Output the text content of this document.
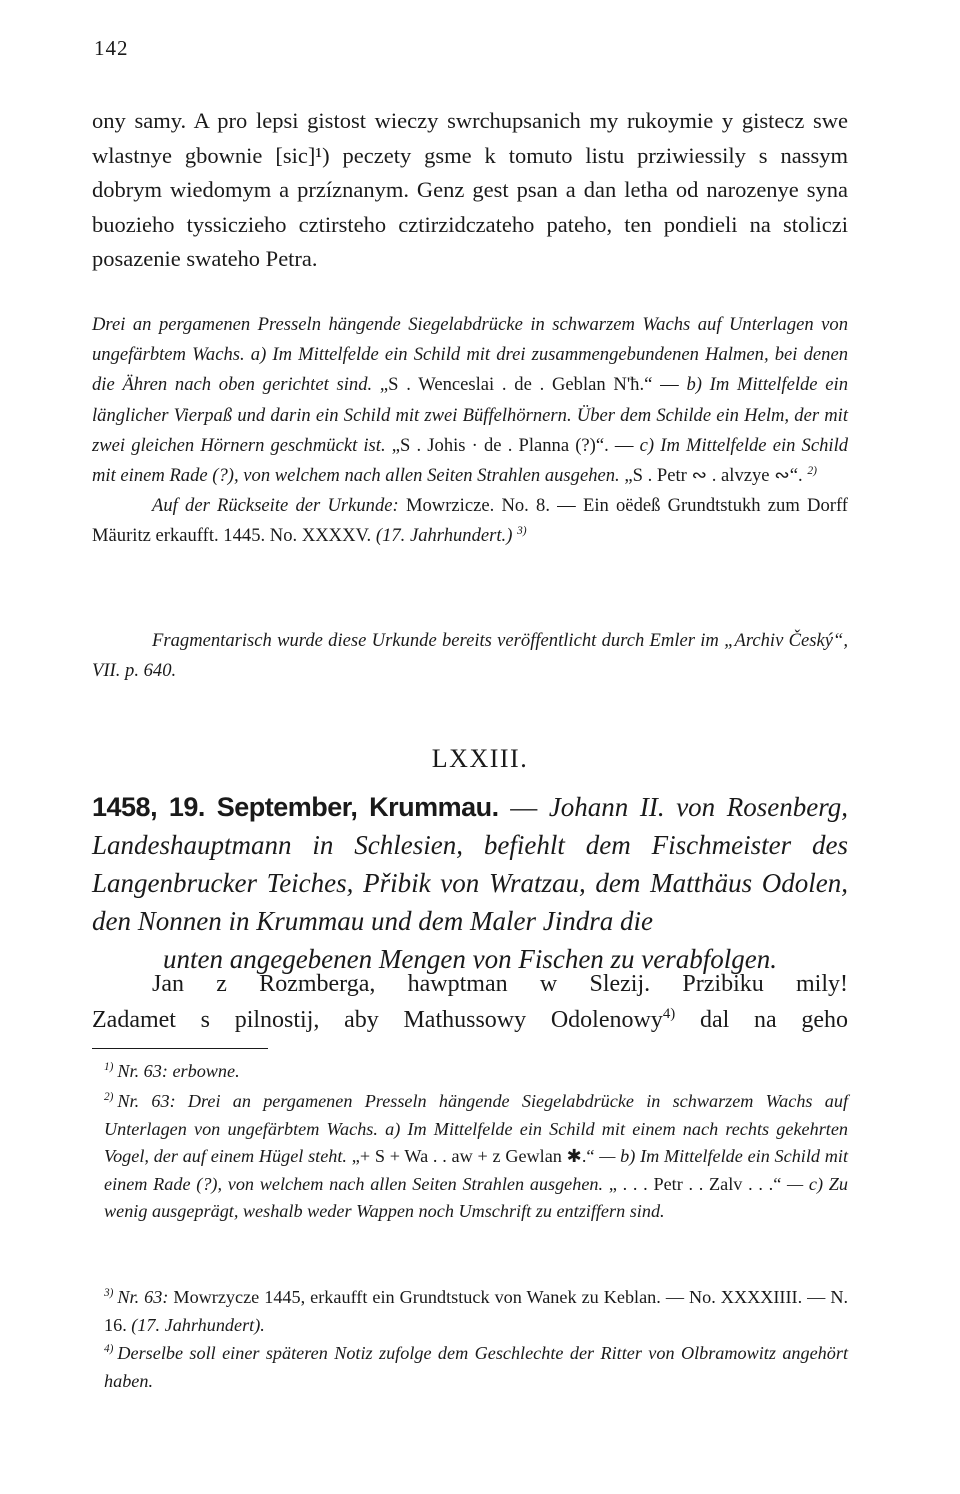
142
ony samy. A pro lepsi gistost wieczy swrchupsanich my rukoymie y gistecz swe wlastnye gbownie [sic]¹) peczety gsme k tomuto listu prziwiessily s nassym dobrym wiedomym a przíznanym. Genz gest psan a dan letha od narozenye syna buozieho tyssiczieho cztirsteho cztirzidczateho pateho, ten pondieli na stoliczi posazenie swateho Petra.
Drei an pergamenen Presseln hängende Siegelabdrücke in schwarzem Wachs auf Unterlagen von ungefärbtem Wachs. a) Im Mittelfelde ein Schild mit drei zusammengebundenen Halmen, bei denen die Ähren nach oben gerichtet sind. „S . Wenceslai . de . Geblan N'ħ.“ — b) Im Mittelfelde ein länglicher Vierpaß und darin ein Schild mit zwei Büffelhörnern. Über dem Schilde ein Helm, der mit zwei gleichen Hörnern geschmückt ist. „S . Johis · de . Planna (?)“. — c) Im Mittelfelde ein Schild mit einem Rade (?), von welchem nach allen Seiten Strahlen ausgehen. „S . Petr ∾ . alvzye ∾“. $^{2)}$
Auf der Rückseite der Urkunde: Mowrzicze. No. 8. — Ein oëdeß Grundtstukh zum Dorff Mäuritz erkaufft. 1445. No. XXXXV. (17. Jahrhundert.) $^{3)}$
Fragmentarisch wurde diese Urkunde bereits veröffentlicht durch Emler im „Archiv Český“, VII. p. 640.
LXXIII.
1458, 19. September, Krummau. — Johann II. von Rosenberg, Landeshauptmann in Schlesien, befiehlt dem Fischmeister des Langenbrucker Teiches, Přibik von Wratzau, dem Matthäus Odolen, den Nonnen in Krummau und dem Maler Jindra die
unten angegebenen Mengen von Fischen zu verabfolgen.
Jan z Rozmberga, hawptman w Slezij. Przibiku mily!
Zadamet s pilnostij, aby Mathussowy Odolenowy$^{4)}$ dal na geho
$^{1)}$ Nr. 63: erbowne.
$^{2)}$ Nr. 63: Drei an pergamenen Presseln hängende Siegelabdrücke in schwarzem Wachs auf Unterlagen von ungefärbtem Wachs. a) Im Mittelfelde ein Schild mit einem nach rechts gekehrten Vogel, der auf einem Hügel steht. „+ S + Wa . . aw + z Gewlan ✱.“ — b) Im Mittelfelde ein Schild mit einem Rade (?), von welchem nach allen Seiten Strahlen ausgehen. „ . . . Petr . . Zalv . . .“ — c) Zu wenig ausgeprägt, weshalb weder Wappen noch Umschrift zu entziffern sind.
$^{3)}$ Nr. 63: Mowrzycze 1445, erkaufft ein Grundtstuck von Wanek zu Keblan. — No. XXXXIIII. — N. 16. (17. Jahrhundert).
$^{4)}$ Derselbe soll einer späteren Notiz zufolge dem Geschlechte der Ritter von Olbramowitz angehört haben.
